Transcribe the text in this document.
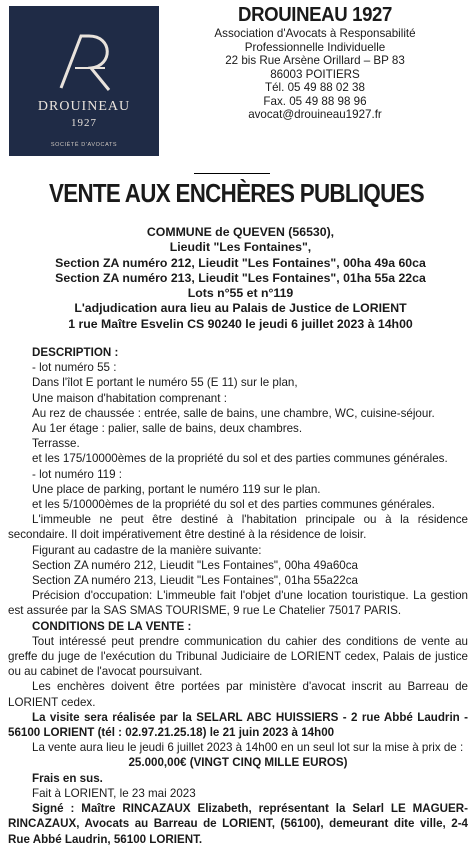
DROUINEAU
1927
SOCIÉTÉ D'AVOCATS
DROUINEAU 1927
Association d'Avocats à Responsabilité
Professionnelle Individuelle
22 bis Rue Arsène Orillard – BP 83
86003 POITIERS
Tél. 05 49 88 02 38
Fax. 05 49 88 98 96
avocat@drouineau1927.fr
VENTE AUX ENCHÈRES PUBLIQUES
COMMUNE de QUEVEN (56530),
Lieudit "Les Fontaines",
Section ZA numéro 212, Lieudit "Les Fontaines", 00ha 49a 60ca
Section ZA numéro 213, Lieudit "Les Fontaines", 01ha 55a 22ca
Lots n°55 et n°119
L'adjudication aura lieu au Palais de Justice de LORIENT
1 rue Maître Esvelin CS 90240 le jeudi 6 juillet 2023 à 14h00

DESCRIPTION :

- lot numéro 55 :

Dans l'îlot E portant le numéro 55 (E 11) sur le plan,

Une maison d'habitation comprenant :

Au rez de chaussée : entrée, salle de bains, une chambre, WC, cuisine-séjour.

Au 1er étage : palier, salle de bains, deux chambres.

Terrasse.

et les 175/10000èmes de la propriété du sol et des parties communes générales.

- lot numéro 119 :

Une place de parking, portant le numéro 119 sur le plan.

et les 5/10000èmes de la propriété du sol et des parties communes générales.

L'immeuble ne peut être destiné à l'habitation principale ou à la résidence secondaire. Il doit impérativement être destiné à la résidence de loisir.

Figurant au cadastre de la manière suivante:

Section ZA numéro 212, Lieudit "Les Fontaines", 00ha 49a60ca

Section ZA numéro 213, Lieudit "Les Fontaines", 01ha 55a22ca

Précision d'occupation: L'immeuble fait l'objet d'une location touristique. La gestion est assurée par la SAS SMAS TOURISME, 9 rue Le Chatelier 75017 PARIS.

CONDITIONS DE LA VENTE :

Tout intéressé peut prendre communication du cahier des conditions de vente au greffe du juge de l'exécution du Tribunal Judiciaire de LORIENT cedex, Palais de justice ou au cabinet de l'avocat poursuivant.

Les enchères doivent être portées par ministère d'avocat inscrit au Barreau de LORIENT cedex.

La visite sera réalisée par la SELARL ABC HUISSIERS - 2 rue Abbé Laudrin - 56100 LORIENT (tél : 02.97.21.25.18) le 21 juin 2023 à 14h00

La vente aura lieu le jeudi 6 juillet 2023 à 14h00 en un seul lot sur la mise à prix de :

25.000,00€ (VINGT CINQ MILLE EUROS)

Frais en sus.

Fait à LORIENT, le 23 mai 2023

Signé : Maître RINCAZAUX Elizabeth, représentant la Selarl LE MAGUER-RINCAZAUX, Avocats au Barreau de LORIENT, (56100), demeurant dite ville, 2-4 Rue Abbé Laudrin, 56100 LORIENT.
